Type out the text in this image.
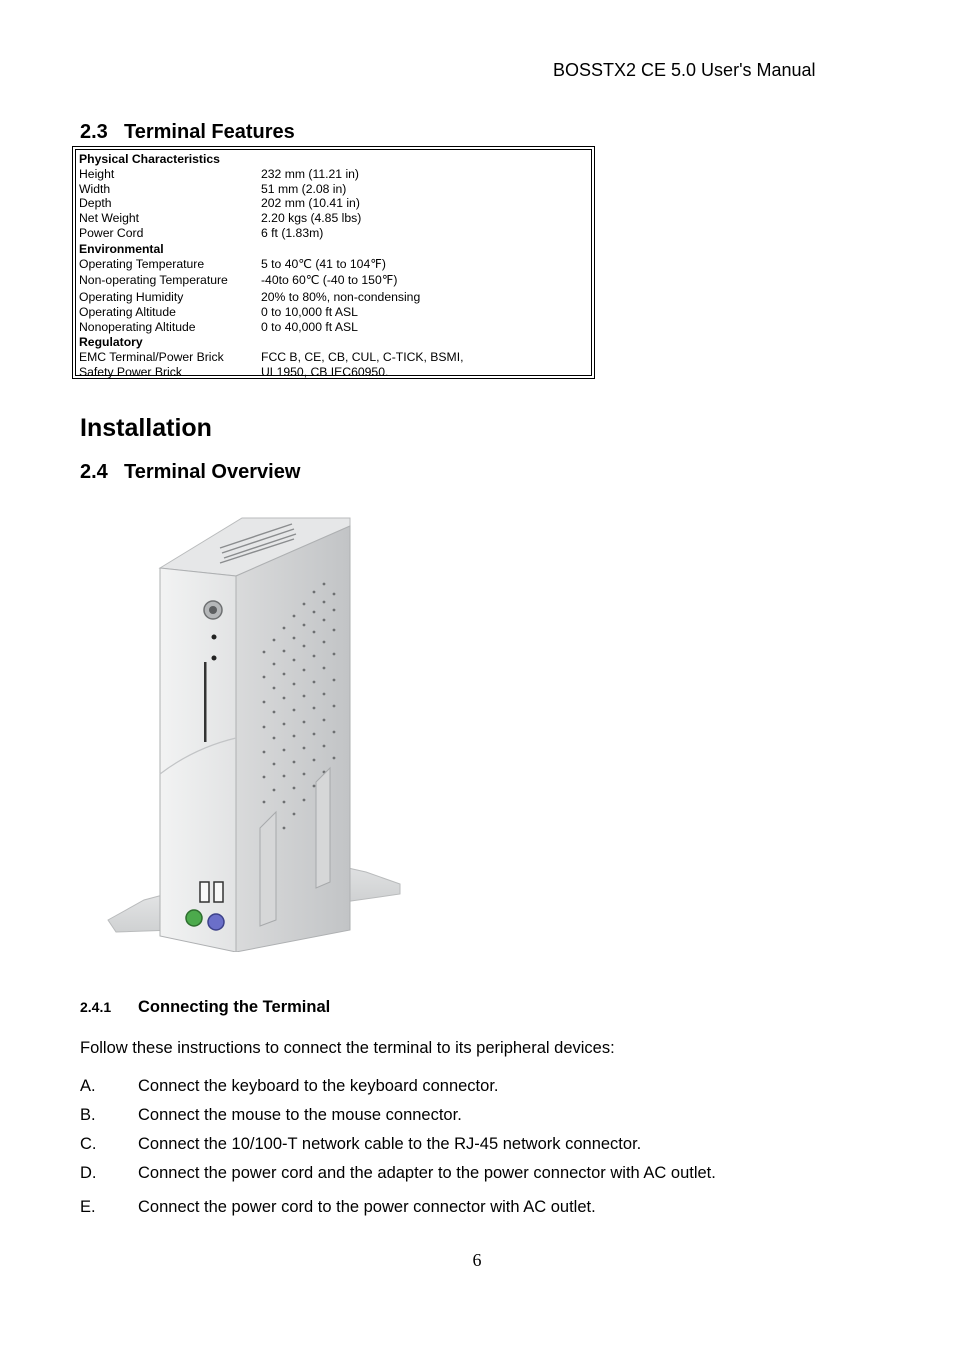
BOSSTX2 CE 5.0 User's Manual
2.3 Terminal Features
Physical Characteristics
Height	232 mm (11.21 in)
Width	51 mm (2.08 in)
Depth	202 mm (10.41 in)
Net Weight	2.20 kgs (4.85 lbs)
Power Cord	6 ft (1.83m)
Environmental
Operating Temperature	5 to 40℃ (41 to 104℉)
Non-operating Temperature	-40to 60℃ (-40 to 150℉)
Operating Humidity	20% to 80%, non-condensing
Operating Altitude	0 to 10,000 ft ASL
Nonoperating Altitude	0 to 40,000 ft ASL
Regulatory
EMC Terminal/Power Brick	FCC B, CE, CB, CUL, C-TICK, BSMI,
Safety Power Brick	UL1950, CB IEC60950.
Installation
2.4 Terminal Overview
2.4.1 Connecting the Terminal
Follow these instructions to connect the terminal to its peripheral devices:
A.	Connect the keyboard to the keyboard connector.
B.	Connect the mouse to the mouse connector.
C.	Connect the 10/100-T network cable to the RJ-45 network connector.
D.	Connect the power cord and the adapter to the power connector with AC outlet.
E.	Connect the power cord to the power connector with AC outlet.
6
